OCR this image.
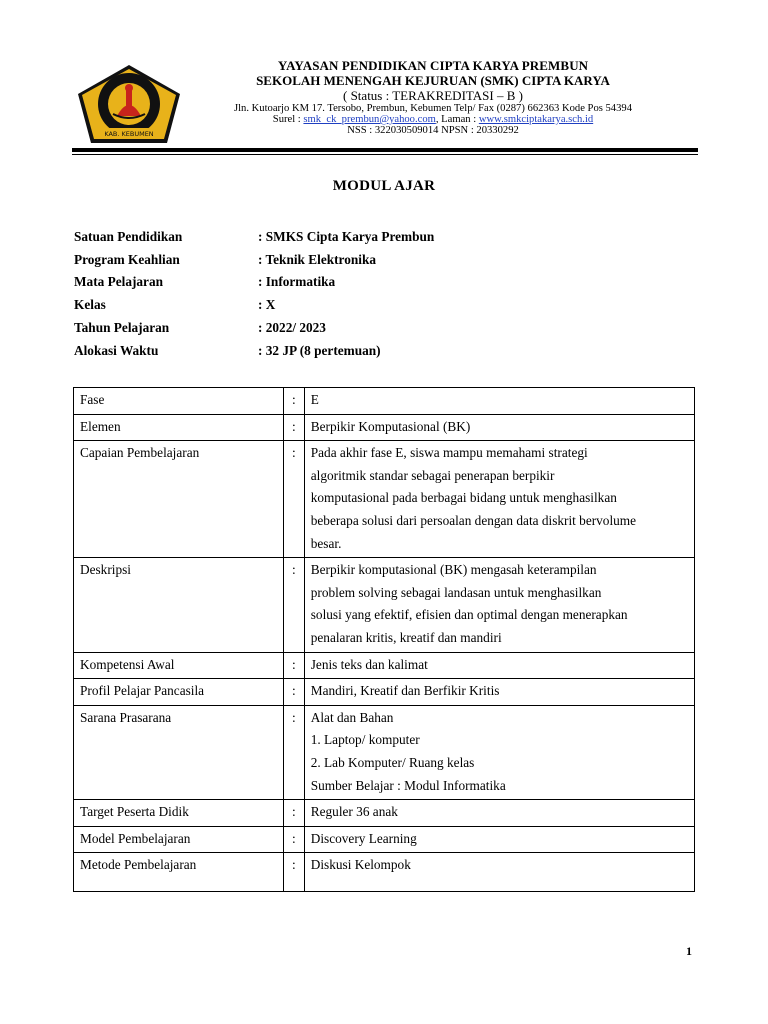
KAB. KEBUMEN
YAYASAN PENDIDIKAN CIPTA KARYA PREMBUN
SEKOLAH MENENGAH KEJURUAN (SMK) CIPTA KARYA
( Status : TERAKREDITASI – B )
Jln. Kutoarjo KM 17. Tersobo, Prembun, Kebumen Telp/ Fax (0287) 662363 Kode Pos 54394
Surel : smk_ck_prembun@yahoo.com, Laman : www.smkciptakarya.sch.id
NSS : 322030509014 NPSN : 20330292
MODUL AJAR
Satuan Pendidikan	: SMKS Cipta Karya Prembun
Program Keahlian	: Teknik Elektronika
Mata Pelajaran	: Informatika
Kelas	: X
Tahun Pelajaran	: 2022/ 2023
Alokasi Waktu	: 32 JP (8 pertemuan)
Fase	:	E

Elemen	:	Berpikir Komputasional (BK)

Capaian Pembelajaran	:	Pada akhir fase E, siswa mampu memahami strategi
algoritmik standar sebagai penerapan berpikir
komputasional pada berbagai bidang untuk menghasilkan
beberapa solusi dari persoalan dengan data diskrit bervolume
besar.

Deskripsi	:	Berpikir komputasional (BK) mengasah keterampilan
problem solving sebagai landasan untuk menghasilkan
solusi yang efektif, efisien dan optimal dengan menerapkan
penalaran kritis, kreatif dan mandiri

Kompetensi Awal	:	Jenis teks dan kalimat

Profil Pelajar Pancasila	:	Mandiri, Kreatif dan Berfikir Kritis

Sarana Prasarana	:	Alat dan Bahan
1. Laptop/ komputer
2. Lab Komputer/ Ruang kelas
Sumber Belajar : Modul Informatika

Target Peserta Didik	:	Reguler 36 anak

Model Pembelajaran	:	Discovery Learning

Metode Pembelajaran	:	Diskusi Kelompok
1
